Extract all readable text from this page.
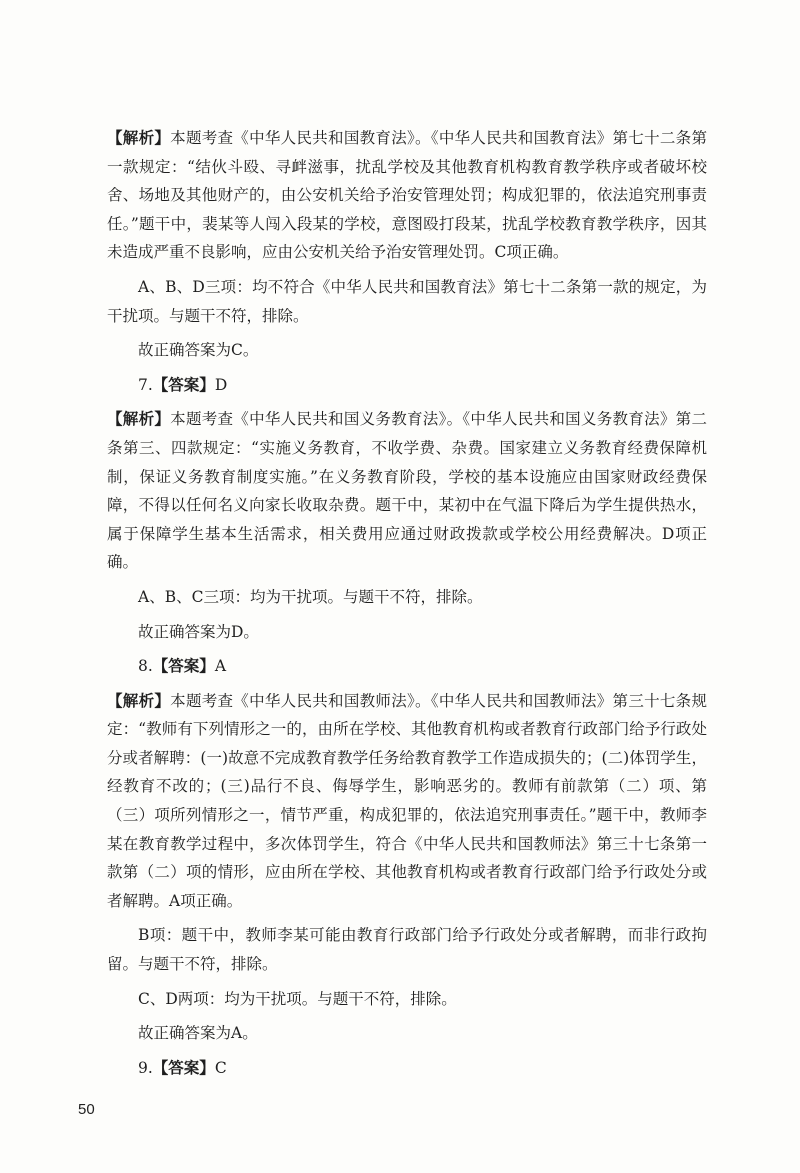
【解析】本题考查《中华人民共和国教育法》。《中华人民共和国教育法》第七十二条第一款规定：“结伙斗殴、寻衅滋事，扰乱学校及其他教育机构教育教学秩序或者破坏校舍、场地及其他财产的，由公安机关给予治安管理处罚；构成犯罪的，依法追究刑事责任。”题干中，裴某等人闯入段某的学校，意图殴打段某，扰乱学校教育教学秩序，因其未造成严重不良影响，应由公安机关给予治安管理处罚。C项正确。

A、B、D三项：均不符合《中华人民共和国教育法》第七十二条第一款的规定，为干扰项。与题干不符，排除。

故正确答案为C。

7.【答案】D

【解析】本题考查《中华人民共和国义务教育法》。《中华人民共和国义务教育法》第二条第三、四款规定：“实施义务教育，不收学费、杂费。国家建立义务教育经费保障机制，保证义务教育制度实施。”在义务教育阶段，学校的基本设施应由国家财政经费保障，不得以任何名义向家长收取杂费。题干中，某初中在气温下降后为学生提供热水，属于保障学生基本生活需求，相关费用应通过财政拨款或学校公用经费解决。D项正确。

A、B、C三项：均为干扰项。与题干不符，排除。

故正确答案为D。

8.【答案】A

【解析】本题考查《中华人民共和国教师法》。《中华人民共和国教师法》第三十七条规定：“教师有下列情形之一的，由所在学校、其他教育机构或者教育行政部门给予行政处分或者解聘：(一)故意不完成教育教学任务给教育教学工作造成损失的；(二)体罚学生，经教育不改的；(三)品行不良、侮辱学生，影响恶劣的。教师有前款第（二）项、第（三）项所列情形之一，情节严重，构成犯罪的，依法追究刑事责任。”题干中，教师李某在教育教学过程中，多次体罚学生，符合《中华人民共和国教师法》第三十七条第一款第（二）项的情形，应由所在学校、其他教育机构或者教育行政部门给予行政处分或者解聘。A项正确。

B项：题干中，教师李某可能由教育行政部门给予行政处分或者解聘，而非行政拘留。与题干不符，排除。

C、D两项：均为干扰项。与题干不符，排除。

故正确答案为A。

9.【答案】C

50
